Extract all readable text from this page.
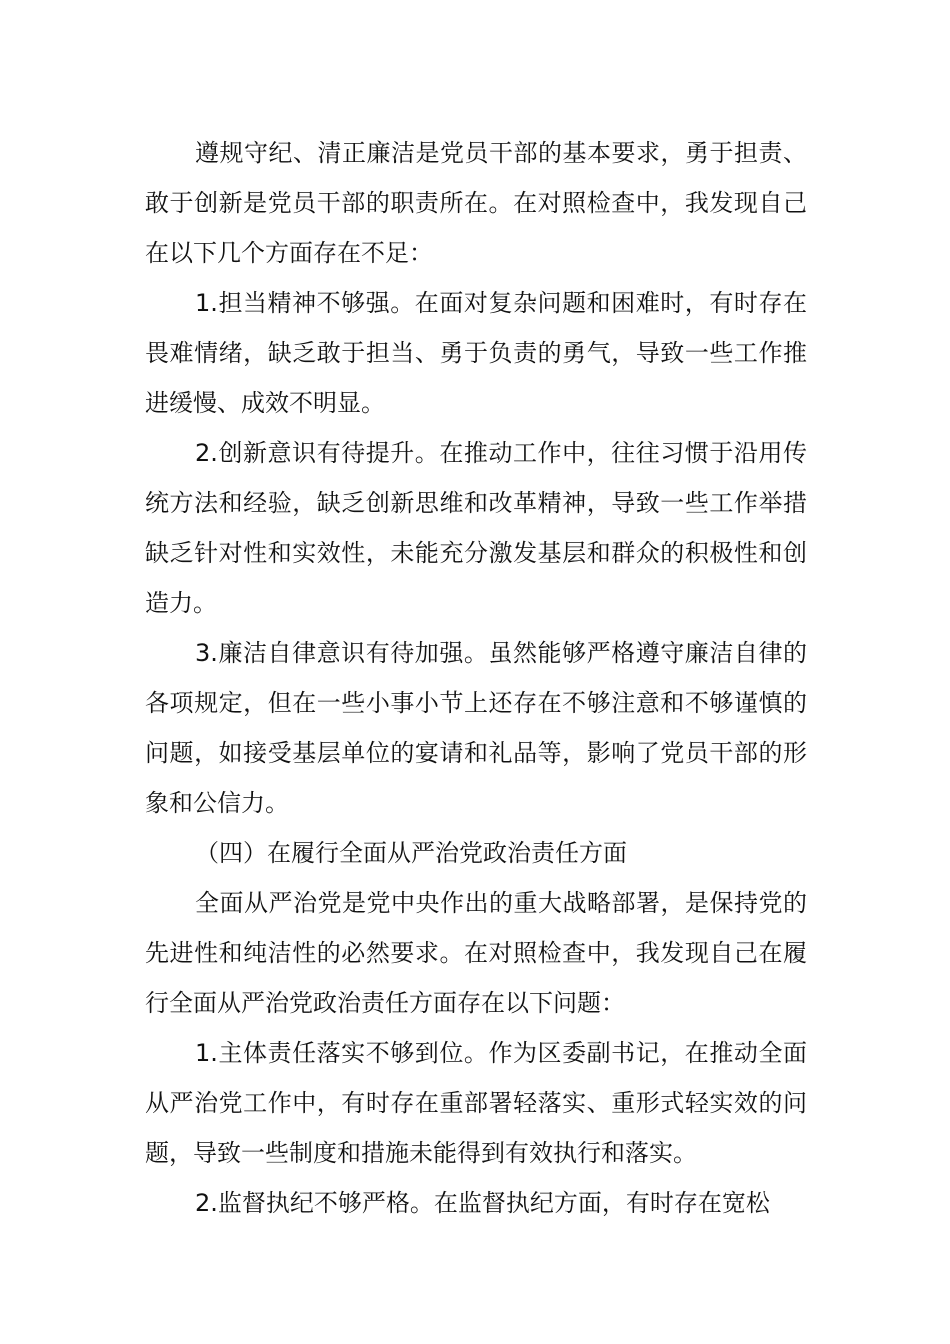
遵规守纪、清正廉洁是党员干部的基本要求，勇于担责、敢于创新是党员干部的职责所在。在对照检查中，我发现自己在以下几个方面存在不足：

1.担当精神不够强。在面对复杂问题和困难时，有时存在畏难情绪，缺乏敢于担当、勇于负责的勇气，导致一些工作推进缓慢、成效不明显。

2.创新意识有待提升。在推动工作中，往往习惯于沿用传统方法和经验，缺乏创新思维和改革精神，导致一些工作举措缺乏针对性和实效性，未能充分激发基层和群众的积极性和创造力。

3.廉洁自律意识有待加强。虽然能够严格遵守廉洁自律的各项规定，但在一些小事小节上还存在不够注意和不够谨慎的问题，如接受基层单位的宴请和礼品等，影响了党员干部的形象和公信力。

（四）在履行全面从严治党政治责任方面

全面从严治党是党中央作出的重大战略部署，是保持党的先进性和纯洁性的必然要求。在对照检查中，我发现自己在履行全面从严治党政治责任方面存在以下问题：

1.主体责任落实不够到位。作为区委副书记，在推动全面从严治党工作中，有时存在重部署轻落实、重形式轻实效的问题，导致一些制度和措施未能得到有效执行和落实。

2.监督执纪不够严格。在监督执纪方面，有时存在宽松
